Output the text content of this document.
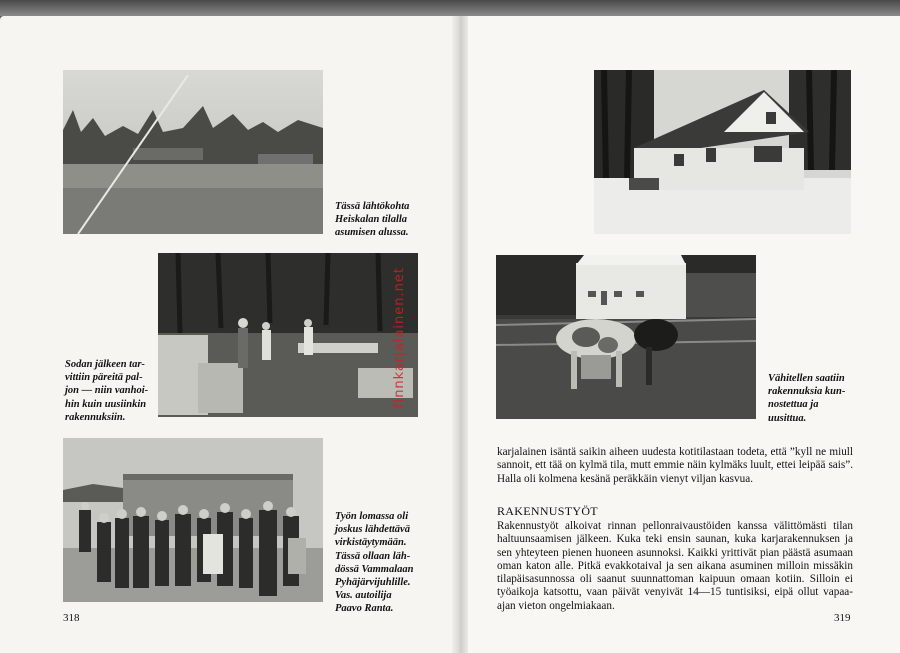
Tässä lähtökohta
Heiskalan tilalla
asumisen alussa.
finnkarjalainen.net
Sodan jälkeen tar-
vittiin päreitä pal-
jon — niin vanhoi-
hin kuin uusiinkin
rakennuksiin.
Työn lomassa oli
joskus lähdettävä
virkistäytymään.
Tässä ollaan läh-
dössä Vammalaan
Pyhäjärvijuhlille.
Vas. autoilija
Paavo Ranta.
318
Vähitellen saatiin
rakennuksia kun-
nostettua ja
uusittua.

karjalainen isäntä saikin aiheen uudesta kotitilastaan todeta, että ”kyll ne miull sannoit, ett tää on kylmä tila, mutt emmie näin kylmäks luult, ettei leipää sais”. Halla oli kolmena kesänä peräkkäin vienyt viljan kasvua.

RAKENNUSTYÖT

Rakennustyöt alkoivat rinnan pellonraivaustöiden kanssa välittömästi tilan haltuunsaamisen jälkeen. Kuka teki ensin saunan, kuka karjarakennuksen ja sen yhteyteen pienen huoneen asunnoksi. Kaikki yrittivät pian päästä asumaan oman katon alle. Pitkä evakkotaival ja sen aikana asuminen milloin missäkin tilapäisasunnossa oli saanut suunnattoman kaipuun omaan kotiin. Silloin ei työaikoja katsottu, vaan päivät venyivät 14—15 tuntisiksi, eipä ollut vapaa-ajan vieton ongelmiakaan.

319
